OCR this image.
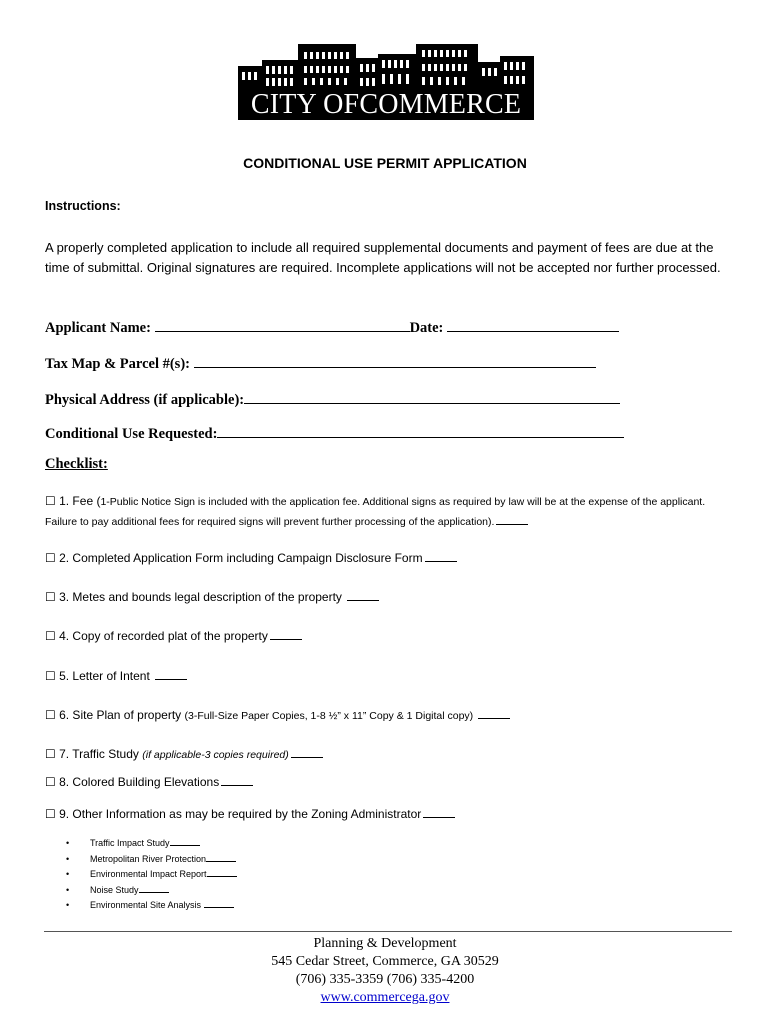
CITY OFCOMMERCE
CONDITIONAL USE PERMIT APPLICATION
Instructions:
A properly completed application to include all required supplemental documents and payment of fees are due at the time of submittal. Original signatures are required. Incomplete applications will not be accepted nor further processed.
Applicant Name:	Date:
Tax Map & Parcel #(s):
Physical Address (if applicable):
Conditional Use Requested:
Checklist:
☐ 1. Fee (1-Public Notice Sign is included with the application fee. Additional signs as required by law will be at the expense of the applicant. Failure to pay additional fees for required signs will prevent further processing of the application).
☐ 2. Completed Application Form including Campaign Disclosure Form
☐ 3. Metes and bounds legal description of the property
☐ 4. Copy of recorded plat of the property
☐ 5. Letter of Intent
☐ 6. Site Plan of property (3-Full-Size Paper Copies, 1-8 ½” x 11” Copy & 1 Digital copy)
☐ 7. Traffic Study (if applicable-3 copies required)
☐ 8. Colored Building Elevations
☐ 9. Other Information as may be required by the Zoning Administrator
• Traffic Impact Study
• Metropolitan River Protection
• Environmental Impact Report
• Noise Study
• Environmental Site Analysis
Planning & Development
545 Cedar Street, Commerce, GA 30529
(706) 335-3359 (706) 335-4200
www.commercega.gov
